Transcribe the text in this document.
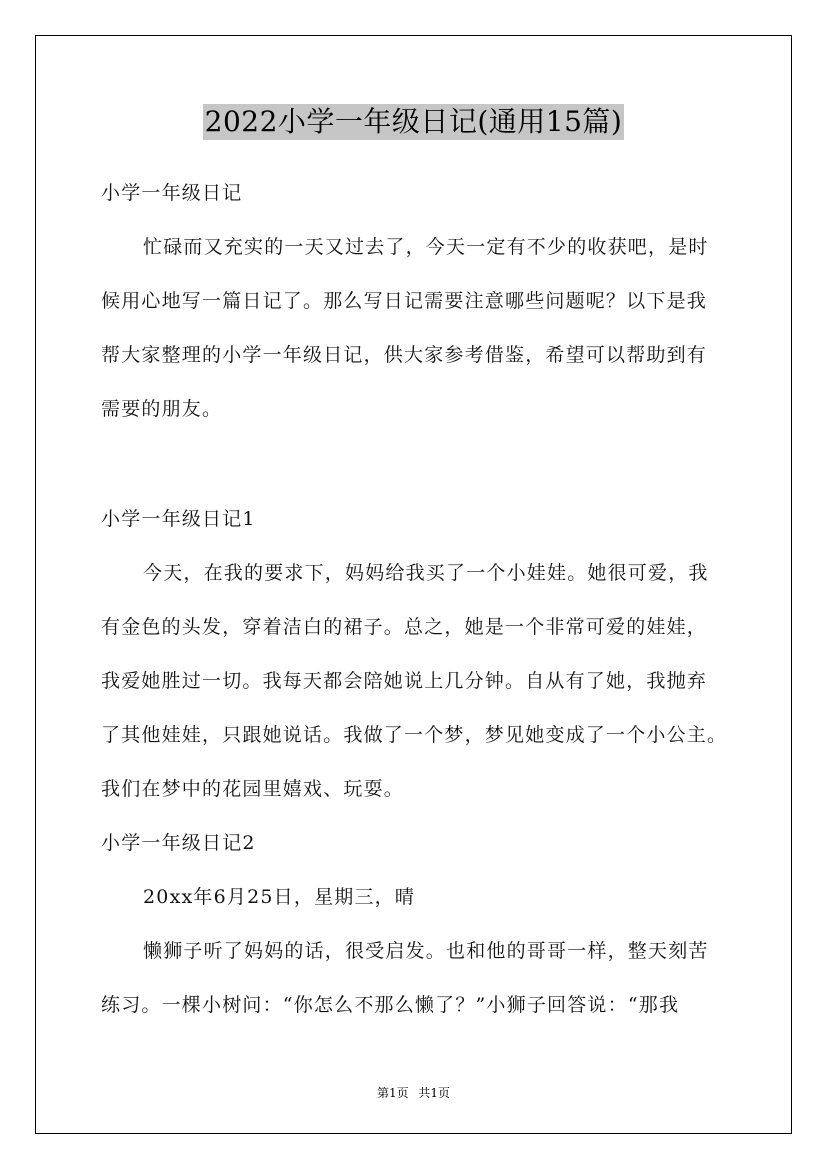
2022小学一年级日记(通用15篇)
小学一年级日记
忙碌而又充实的一天又过去了，今天一定有不少的收获吧，是时
候用心地写一篇日记了。那么写日记需要注意哪些问题呢？以下是我
帮大家整理的小学一年级日记，供大家参考借鉴，希望可以帮助到有
需要的朋友。
小学一年级日记1
今天，在我的要求下，妈妈给我买了一个小娃娃。她很可爱，我
有金色的头发，穿着洁白的裙子。总之，她是一个非常可爱的娃娃，
我爱她胜过一切。我每天都会陪她说上几分钟。自从有了她，我抛弃
了其他娃娃，只跟她说话。我做了一个梦，梦见她变成了一个小公主。
我们在梦中的花园里嬉戏、玩耍。
小学一年级日记2
20xx年6月25日，星期三，晴
懒狮子听了妈妈的话，很受启发。也和他的哥哥一样，整天刻苦
练习。一棵小树问：“你怎么不那么懒了？”小狮子回答说：“那我
第1页 共1页
